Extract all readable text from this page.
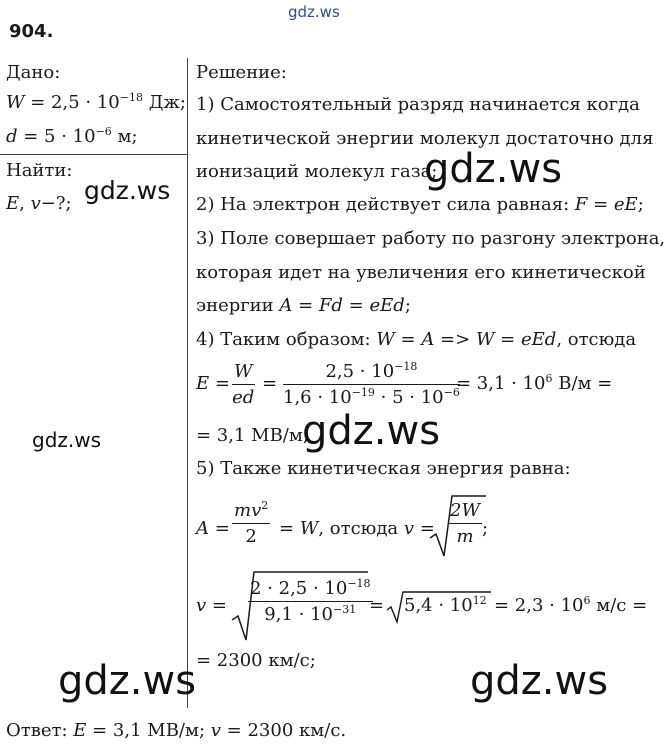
gdz.ws
904.
Дано:
$W = 2,5 \cdot 10^{-18}$ Дж;
$d = 5 \cdot 10^{-6}$ м;
Найти:
E, v−?;
Решение:
1) Самостоятельный разряд начинается когда
кинетической энергии молекул достаточно для
ионизаций молекул газа;
2) На электрон действует сила равная: F = eE;
3) Поле совершает работу по разгону электрона,
которая идет на увеличения его кинетической
энергии A = Fd = eEd;
4) Таким образом: W = A => W = eEd, отсюда
E =
W
ed
=
$2,5 \cdot 10^{-18}$
$1,6 \cdot 10^{-19} \cdot 5 \cdot 10^{-6}$
= $3,1 \cdot 10^6$ В/м =
= 3,1 МВ/м;
5) Также кинетическая энергия равна:
A =
$mv^2$
2 = W, отсюда v =
2W
m ;
v =
$2 \cdot 2,5 \cdot 10^{-18}$
$9,1 \cdot 10^{-31} = 5,4 \cdot 10^{12} = 2,3 \cdot 10^6$ м/с =
= 2300 км/с;
Ответ: E = 3,1 МВ/м; v = 2300 км/с.
gdz.ws	gdz.ws
gdz.ws	gdz.ws
gdz.ws	gdz.ws
